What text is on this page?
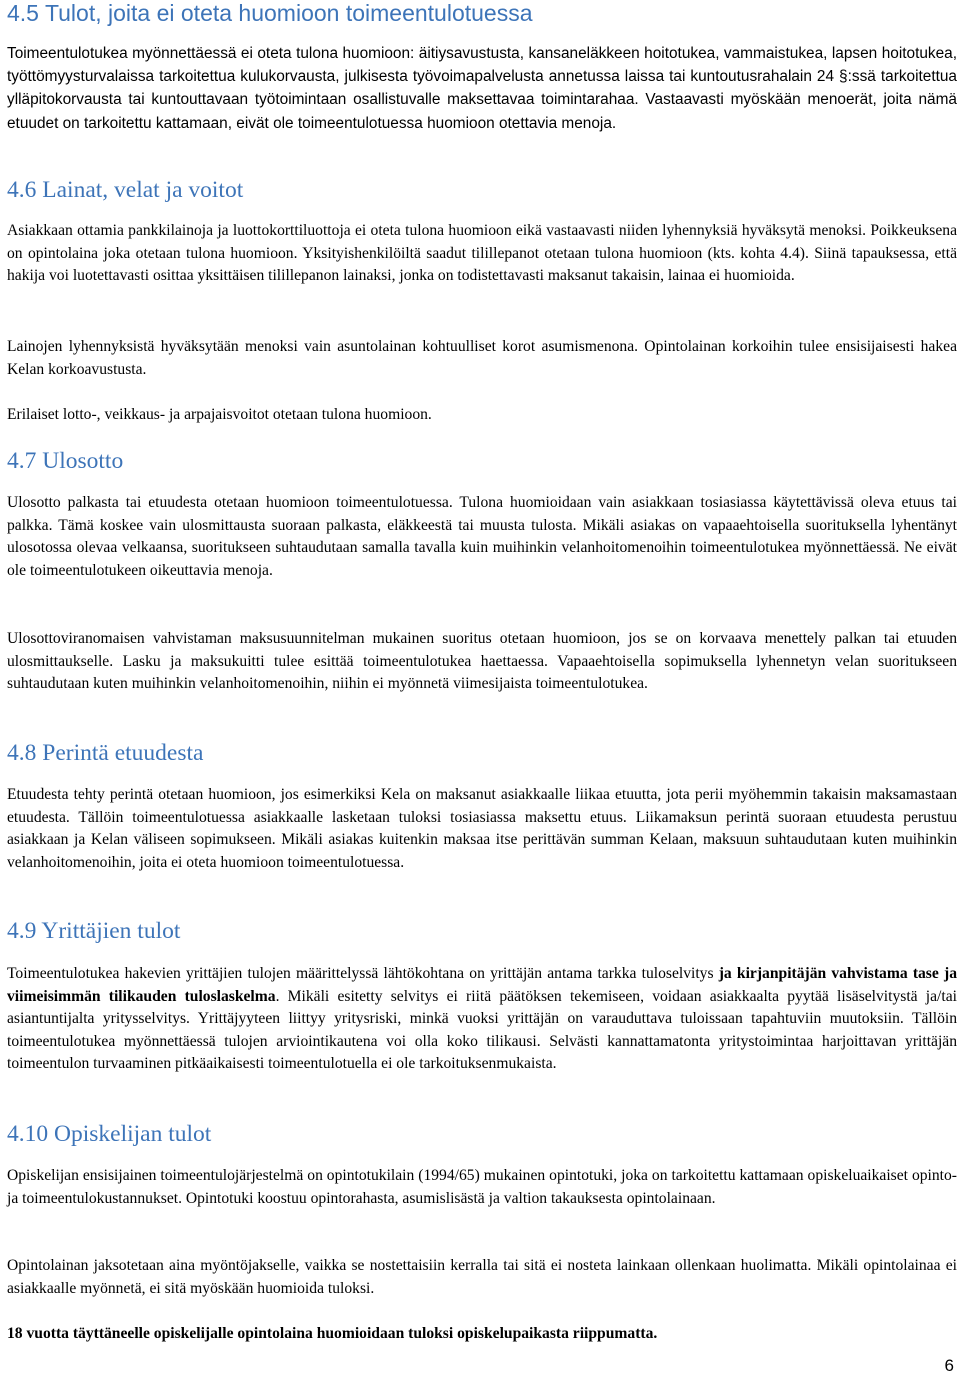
4.5 Tulot, joita ei oteta huomioon toimeentulotuessa

Toimeentulotukea myönnettäessä ei oteta tulona huomioon: äitiysavustusta, kansaneläkkeen hoitotukea, vammaistukea, lapsen hoitotukea, työttömyysturvalaissa tarkoitettua kulukorvausta, julkisesta työvoimapalvelusta annetussa laissa tai kuntoutusrahalain 24 §:ssä tarkoitettua ylläpitokorvausta tai kuntouttavaan työtoimintaan osallistuvalle maksettavaa toimintarahaa. Vastaavasti myöskään menoerät, joita nämä etuudet on tarkoitettu kattamaan, eivät ole toimeentulotuessa huomioon otettavia menoja.

4.6 Lainat, velat ja voitot

Asiakkaan ottamia pankkilainoja ja luottokorttiluottoja ei oteta tulona huomioon eikä vastaavasti niiden lyhennyksiä hyväksytä menoksi. Poikkeuksena on opintolaina joka otetaan tulona huomioon. Yksityishenkilöiltä saadut tilillepanot otetaan tulona huomioon (kts. kohta 4.4). Siinä tapauksessa, että hakija voi luotettavasti osittaa yksittäisen tilillepanon lainaksi, jonka on todistettavasti maksanut takaisin, lainaa ei huomioida.

Lainojen lyhennyksistä hyväksytään menoksi vain asuntolainan kohtuulliset korot asumismenona. Opintolainan korkoihin tulee ensisijaisesti hakea Kelan korkoavustusta.

Erilaiset lotto-, veikkaus- ja arpajaisvoitot otetaan tulona huomioon.

4.7 Ulosotto

Ulosotto palkasta tai etuudesta otetaan huomioon toimeentulotuessa. Tulona huomioidaan vain asiakkaan tosiasiassa käytettävissä oleva etuus tai palkka. Tämä koskee vain ulosmittausta suoraan palkasta, eläkkeestä tai muusta tulosta. Mikäli asiakas on vapaaehtoisella suorituksella lyhentänyt ulosotossa olevaa velkaansa, suoritukseen suhtaudutaan samalla tavalla kuin muihinkin velanhoitomenoihin toimeentulotukea myönnettäessä. Ne eivät ole toimeentulotukeen oikeuttavia menoja.

Ulosottoviranomaisen vahvistaman maksusuunnitelman mukainen suoritus otetaan huomioon, jos se on korvaava menettely palkan tai etuuden ulosmittaukselle. Lasku ja maksukuitti tulee esittää toimeentulotukea haettaessa. Vapaaehtoisella sopimuksella lyhennetyn velan suoritukseen suhtaudutaan kuten muihinkin velanhoitomenoihin, niihin ei myönnetä viimesijaista toimeentulotukea.

4.8 Perintä etuudesta

Etuudesta tehty perintä otetaan huomioon, jos esimerkiksi Kela on maksanut asiakkaalle liikaa etuutta, jota perii myöhemmin takaisin maksamastaan etuudesta. Tällöin toimeentulotuessa asiakkaalle lasketaan tuloksi tosiasiassa maksettu etuus. Liikamaksun perintä suoraan etuudesta perustuu asiakkaan ja Kelan väliseen sopimukseen. Mikäli asiakas kuitenkin maksaa itse perittävän summan Kelaan, maksuun suhtaudutaan kuten muihinkin velanhoitomenoihin, joita ei oteta huomioon toimeentulotuessa.

4.9 Yrittäjien tulot

Toimeentulotukea hakevien yrittäjien tulojen määrittelyssä lähtökohtana on yrittäjän antama tarkka tuloselvitys ja kirjanpitäjän vahvistama tase ja viimeisimmän tilikauden tuloslaskelma. Mikäli esitetty selvitys ei riitä päätöksen tekemiseen, voidaan asiakkaalta pyytää lisäselvitystä ja/tai asiantuntijalta yritysselvitys. Yrittäjyyteen liittyy yritysriski, minkä vuoksi yrittäjän on varauduttava tuloissaan tapahtuviin muutoksiin. Tällöin toimeentulotukea myönnettäessä tulojen arviointikautena voi olla koko tilikausi. Selvästi kannattamatonta yritystoimintaa harjoittavan yrittäjän toimeentulon turvaaminen pitkäaikaisesti toimeentulotuella ei ole tarkoituksenmukaista.

4.10 Opiskelijan tulot

Opiskelijan ensisijainen toimeentulojärjestelmä on opintotukilain (1994/65) mukainen opintotuki, joka on tarkoitettu kattamaan opiskeluaikaiset opinto- ja toimeentulokustannukset. Opintotuki koostuu opintorahasta, asumislisästä ja valtion takauksesta opintolainaan.

Opintolainan jaksotetaan aina myöntöjakselle, vaikka se nostettaisiin kerralla tai sitä ei nosteta lainkaan ollenkaan huolimatta. Mikäli opintolainaa ei asiakkaalle myönnetä, ei sitä myöskään huomioida tuloksi.

18 vuotta täyttäneelle opiskelijalle opintolaina huomioidaan tuloksi opiskelupaikasta riippumatta.

6
